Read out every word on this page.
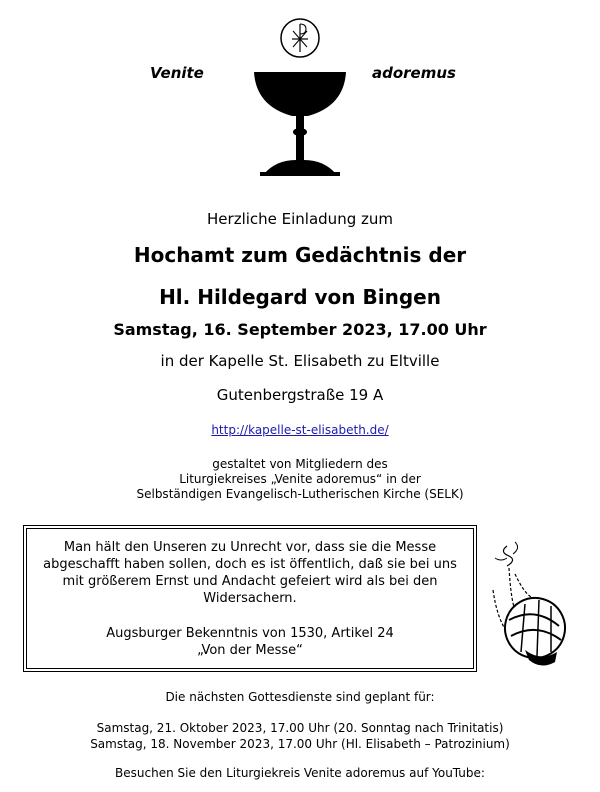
Venite	adoremus
Herzliche Einladung zum
Hochamt zum Gedächtnis der
Hl. Hildegard von Bingen
Samstag, 16. September 2023, 17.00 Uhr
in der Kapelle St. Elisabeth zu Eltville
Gutenbergstraße 19 A
http://kapelle-st-elisabeth.de/
gestaltet von Mitgliedern des
Liturgiekreises „Venite adoremus“ in der
Selbständigen Evangelisch-Lutherischen Kirche (SELK)
Man hält den Unseren zu Unrecht vor, dass sie die Messe
abgeschafft haben sollen, doch es ist öffentlich, daß sie bei uns
mit größerem Ernst und Andacht gefeiert wird als bei den
Widersachern.
Augsburger Bekenntnis von 1530, Artikel 24
„Von der Messe“
Die nächsten Gottesdienste sind geplant für:
Samstag, 21. Oktober 2023, 17.00 Uhr (20. Sonntag nach Trinitatis)
Samstag, 18. November 2023, 17.00 Uhr (Hl. Elisabeth – Patrozinium)
Besuchen Sie den Liturgiekreis Venite adoremus auf YouTube:
